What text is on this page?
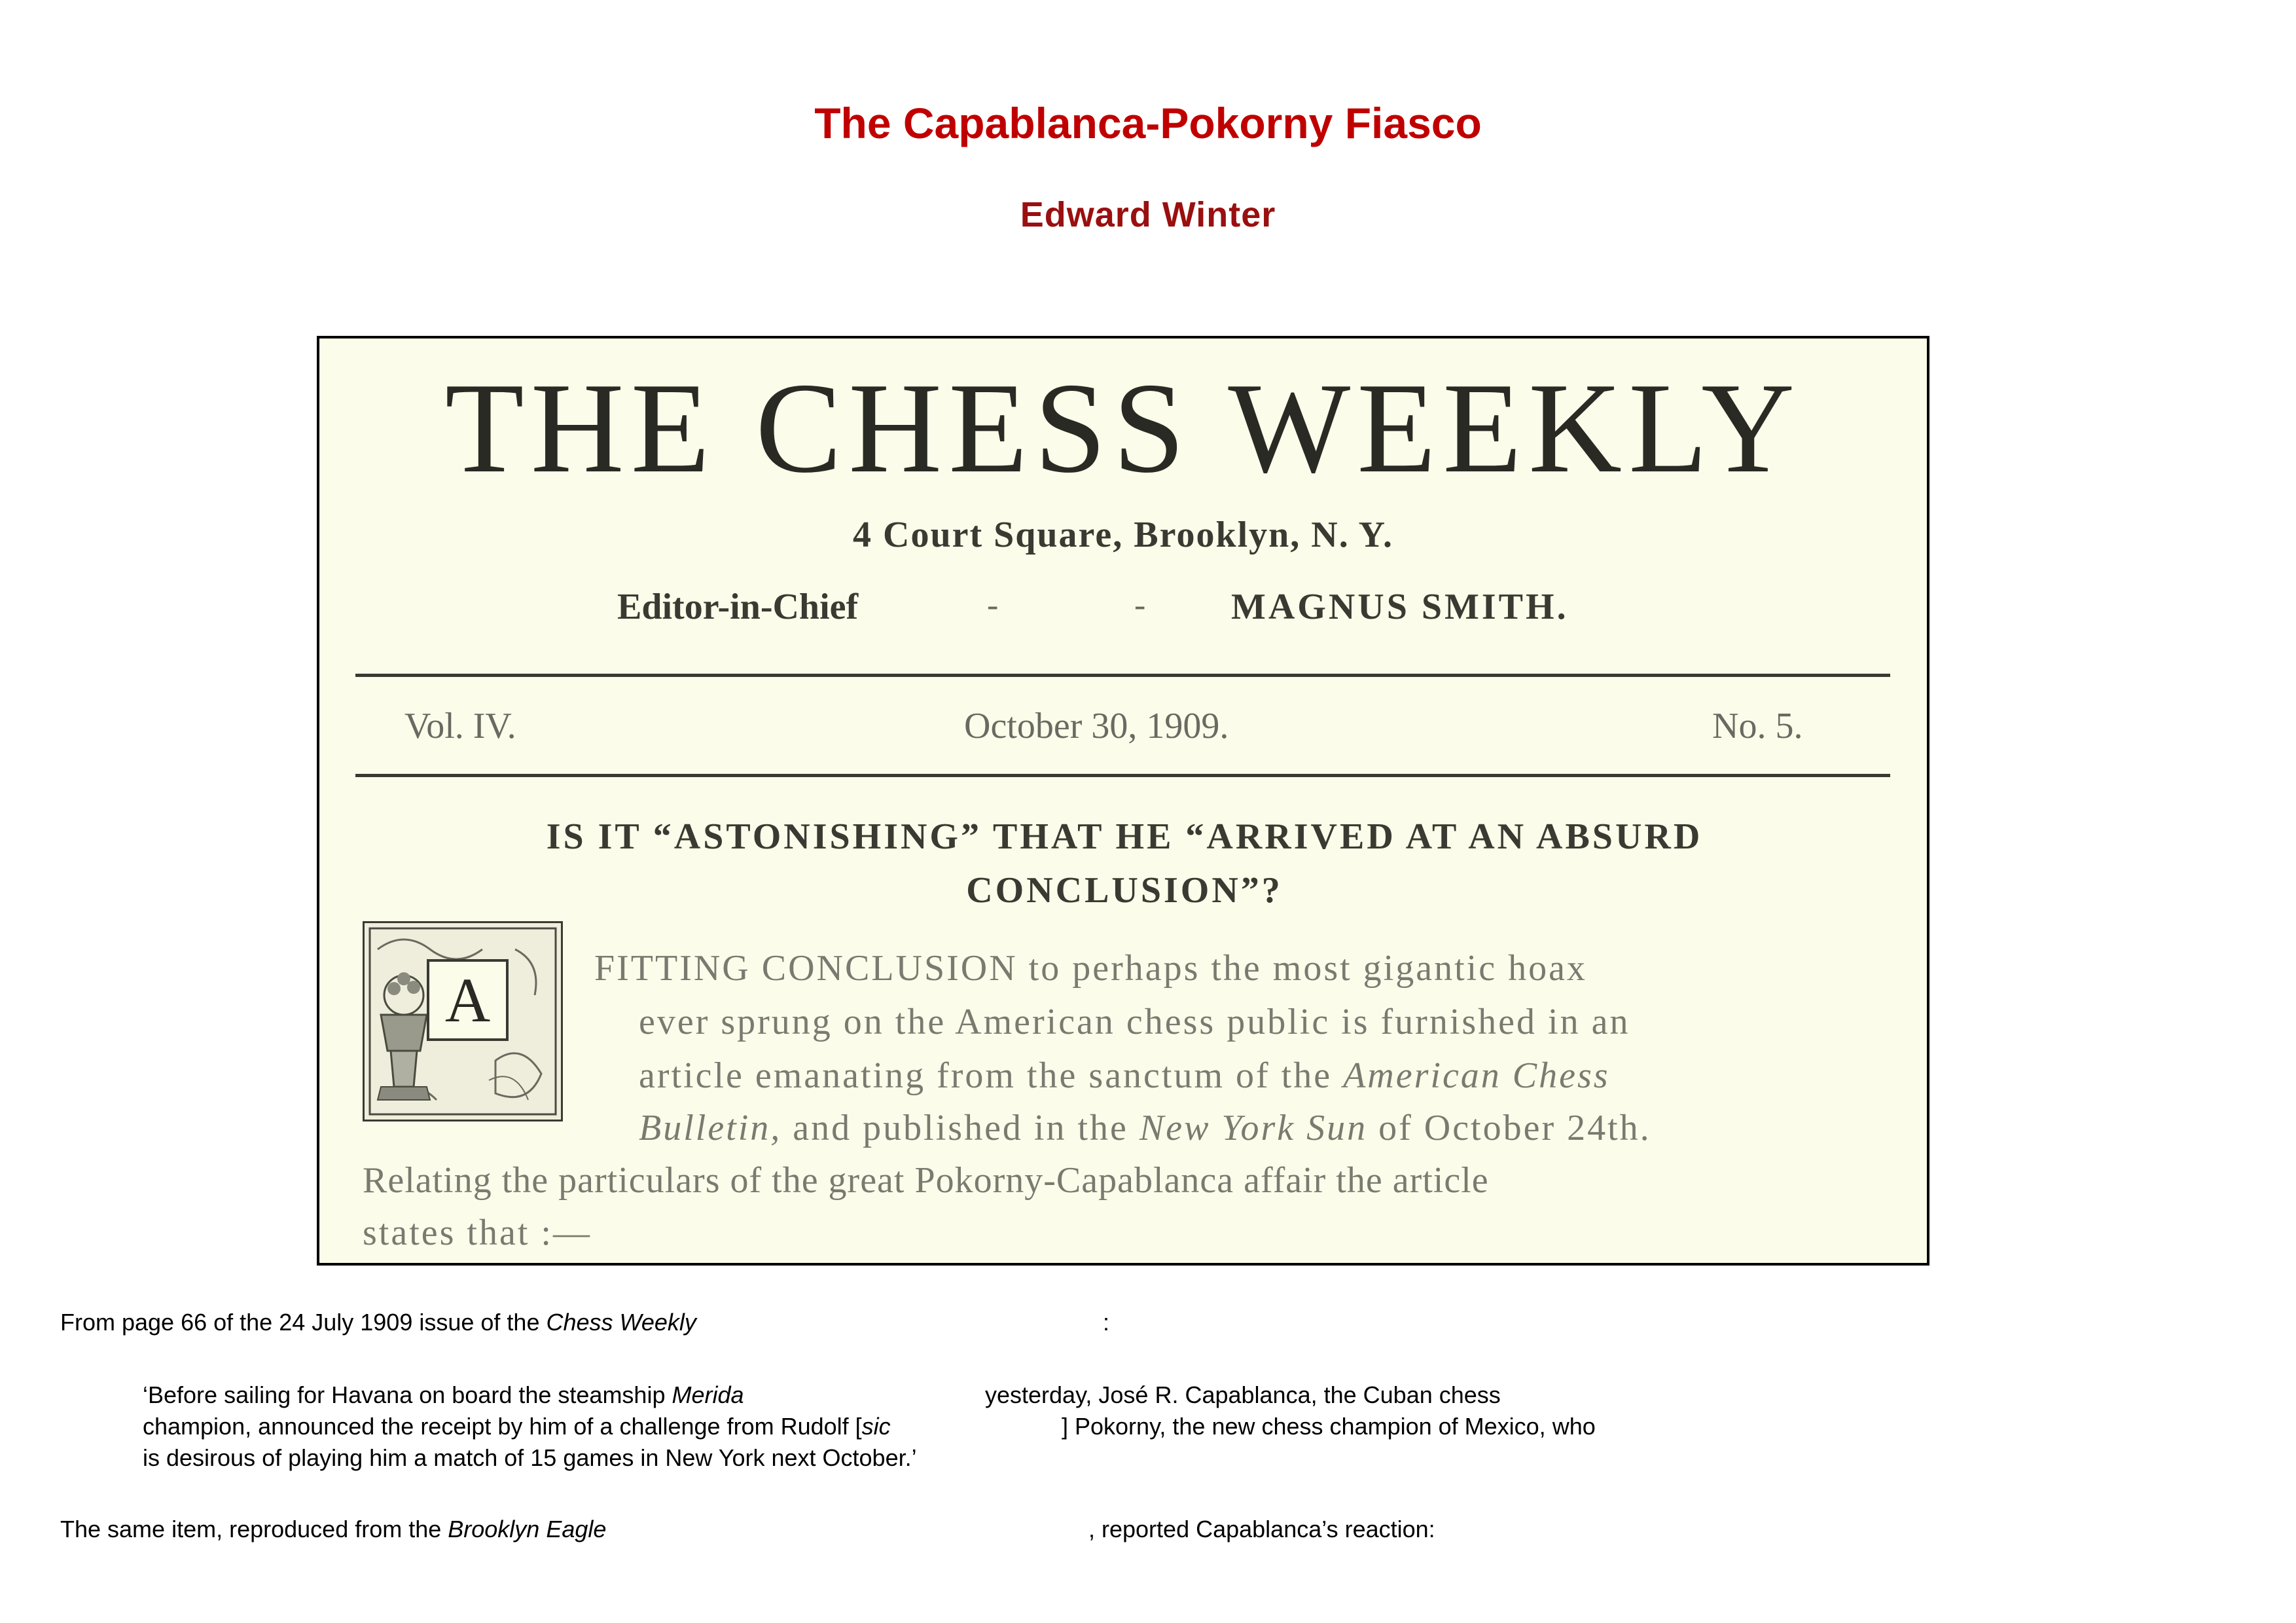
The Capablanca-Pokorny Fiasco
Edward Winter
THE CHESS WEEKLY
4 Court Square, Brooklyn, N. Y.
Editor-in-Chief	-	- MAGNUS SMITH.
Vol. IV.	October 30, 1909.	No. 5.
IS IT “ASTONISHING” THAT HE “ARRIVED AT AN ABSURD
CONCLUSION”?
A	FITTING CONCLUSION to perhaps the most gigantic hoax
ever sprung on the American chess public is furnished in an
article emanating from the sanctum of the American Chess
Bulletin, and published in the New York Sun of October 24th.
Relating the particulars of the great Pokorny-Capablanca affair the article
states that :—
From page 66 of the 24 July 1909 issue of the Chess Weekly	:
‘Before sailing for Havana on board the steamship Merida	yesterday, José R. Capablanca, the Cuban chess
champion, announced the receipt by him of a challenge from Rudolf [sic	] Pokorny, the new chess champion of Mexico, who
is desirous of playing him a match of 15 games in New York next October.’
The same item, reproduced from the Brooklyn Eagle	, reported Capablanca’s reaction:
